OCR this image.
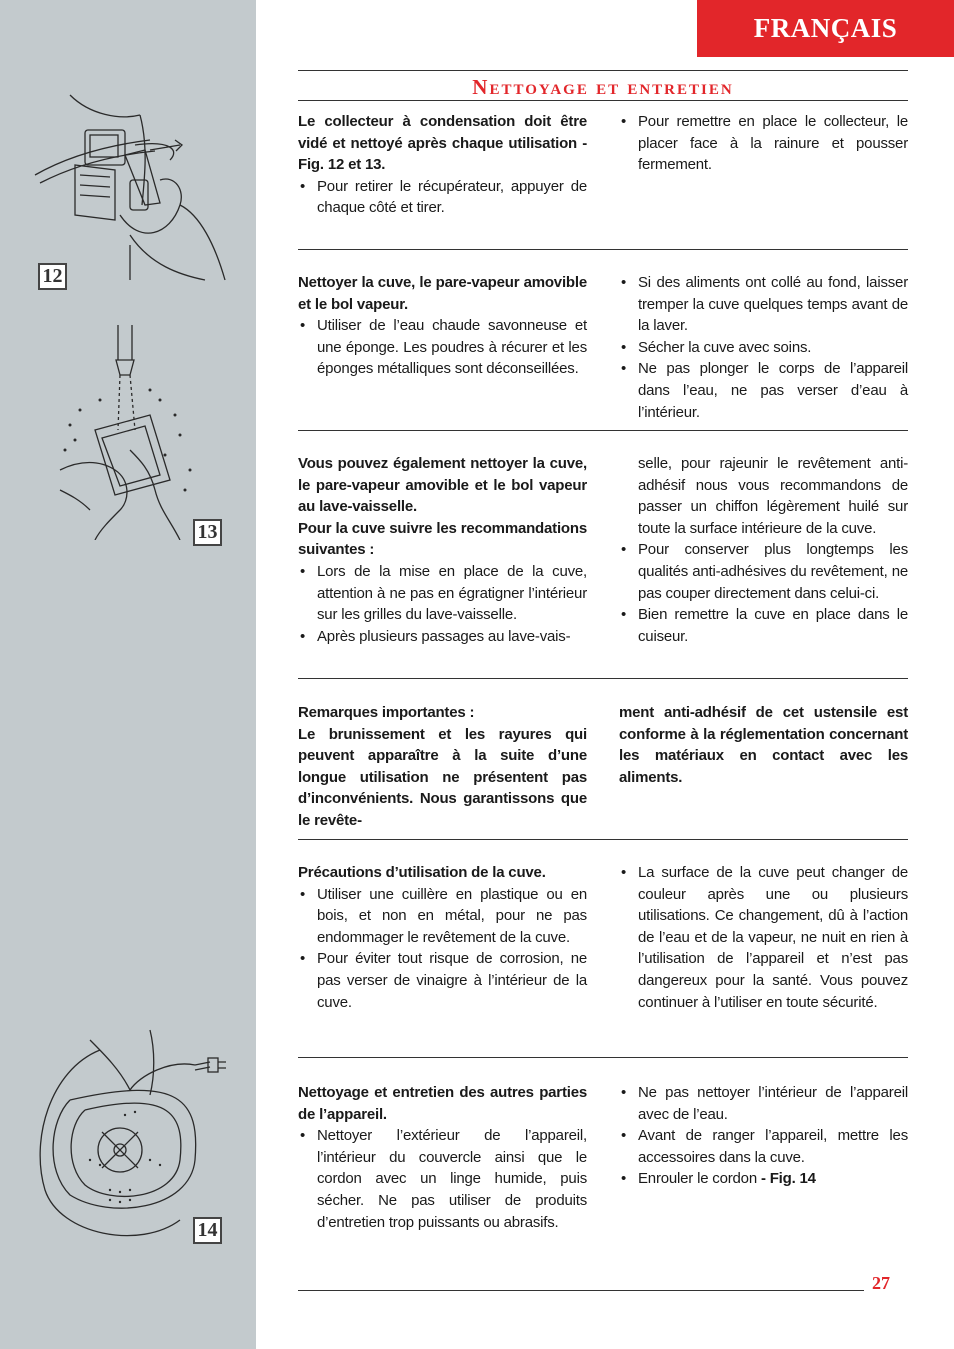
12
13
14
FRANÇAIS
Nettoyage et entretien

Le collecteur à condensation doit être vidé et nettoyé après chaque utilisation - Fig. 12 et 13.

• Pour retirer le récupérateur, appuyer de chaque côté et tirer.
• Pour remettre en place le collecteur, le placer face à la rainure et pousser fermement.

Nettoyer la cuve, le pare-vapeur amovible et le bol vapeur.

• Utiliser de l’eau chaude savonneuse et une éponge. Les poudres à récurer et les éponges métalliques sont déconseillées.
• Si des aliments ont collé au fond, laisser tremper la cuve quelques temps avant de la laver.
• Sécher la cuve avec soins.
• Ne pas plonger le corps de l’appareil dans l’eau, ne pas verser d’eau à l’intérieur.

Vous pouvez également nettoyer la cuve, le pare-vapeur amovible et le bol vapeur au lave-vaisselle.

Pour la cuve suivre les recommandations suivantes :

• Lors de la mise en place de la cuve, attention à ne pas en égratigner l’intérieur sur les grilles du lave-vaisselle.
• Après plusieurs passages au lave-vais-

selle, pour rajeunir le revêtement anti-adhésif nous vous recommandons de passer un chiffon légèrement huilé sur toute la surface intérieure de la cuve.

• Pour conserver plus longtemps les qualités anti-adhésives du revêtement, ne pas couper directement dans celui-ci.
• Bien remettre la cuve en place dans le cuiseur.

Remarques importantes :

Le brunissement et les rayures qui peuvent apparaître à la suite d’une longue utilisation ne présentent pas d’inconvénients. Nous garantissons que le revête-

ment anti-adhésif de cet ustensile est conforme à la réglementation concernant les matériaux en contact avec les aliments.

Précautions d’utilisation de la cuve.

• Utiliser une cuillère en plastique ou en bois, et non en métal, pour ne pas endommager le revêtement de la cuve.
• Pour éviter tout risque de corrosion, ne pas verser de vinaigre à l’intérieur de la cuve.
• La surface de la cuve peut changer de couleur après une ou plusieurs utilisations. Ce changement, dû à l’action de l’eau et de la vapeur, ne nuit en rien à l’utilisation de l’appareil et n’est pas dangereux pour la santé. Vous pouvez continuer à l’utiliser en toute sécurité.

Nettoyage et entretien des autres parties de l’appareil.

• Nettoyer l’extérieur de l’appareil, l’intérieur du couvercle ainsi que le cordon avec un linge humide, puis sécher. Ne pas utiliser de produits d’entretien trop puissants ou abrasifs.
• Ne pas nettoyer l’intérieur de l’appareil avec de l’eau.
• Avant de ranger l’appareil, mettre les accessoires dans la cuve.
• Enrouler le cordon - Fig. 14
27
